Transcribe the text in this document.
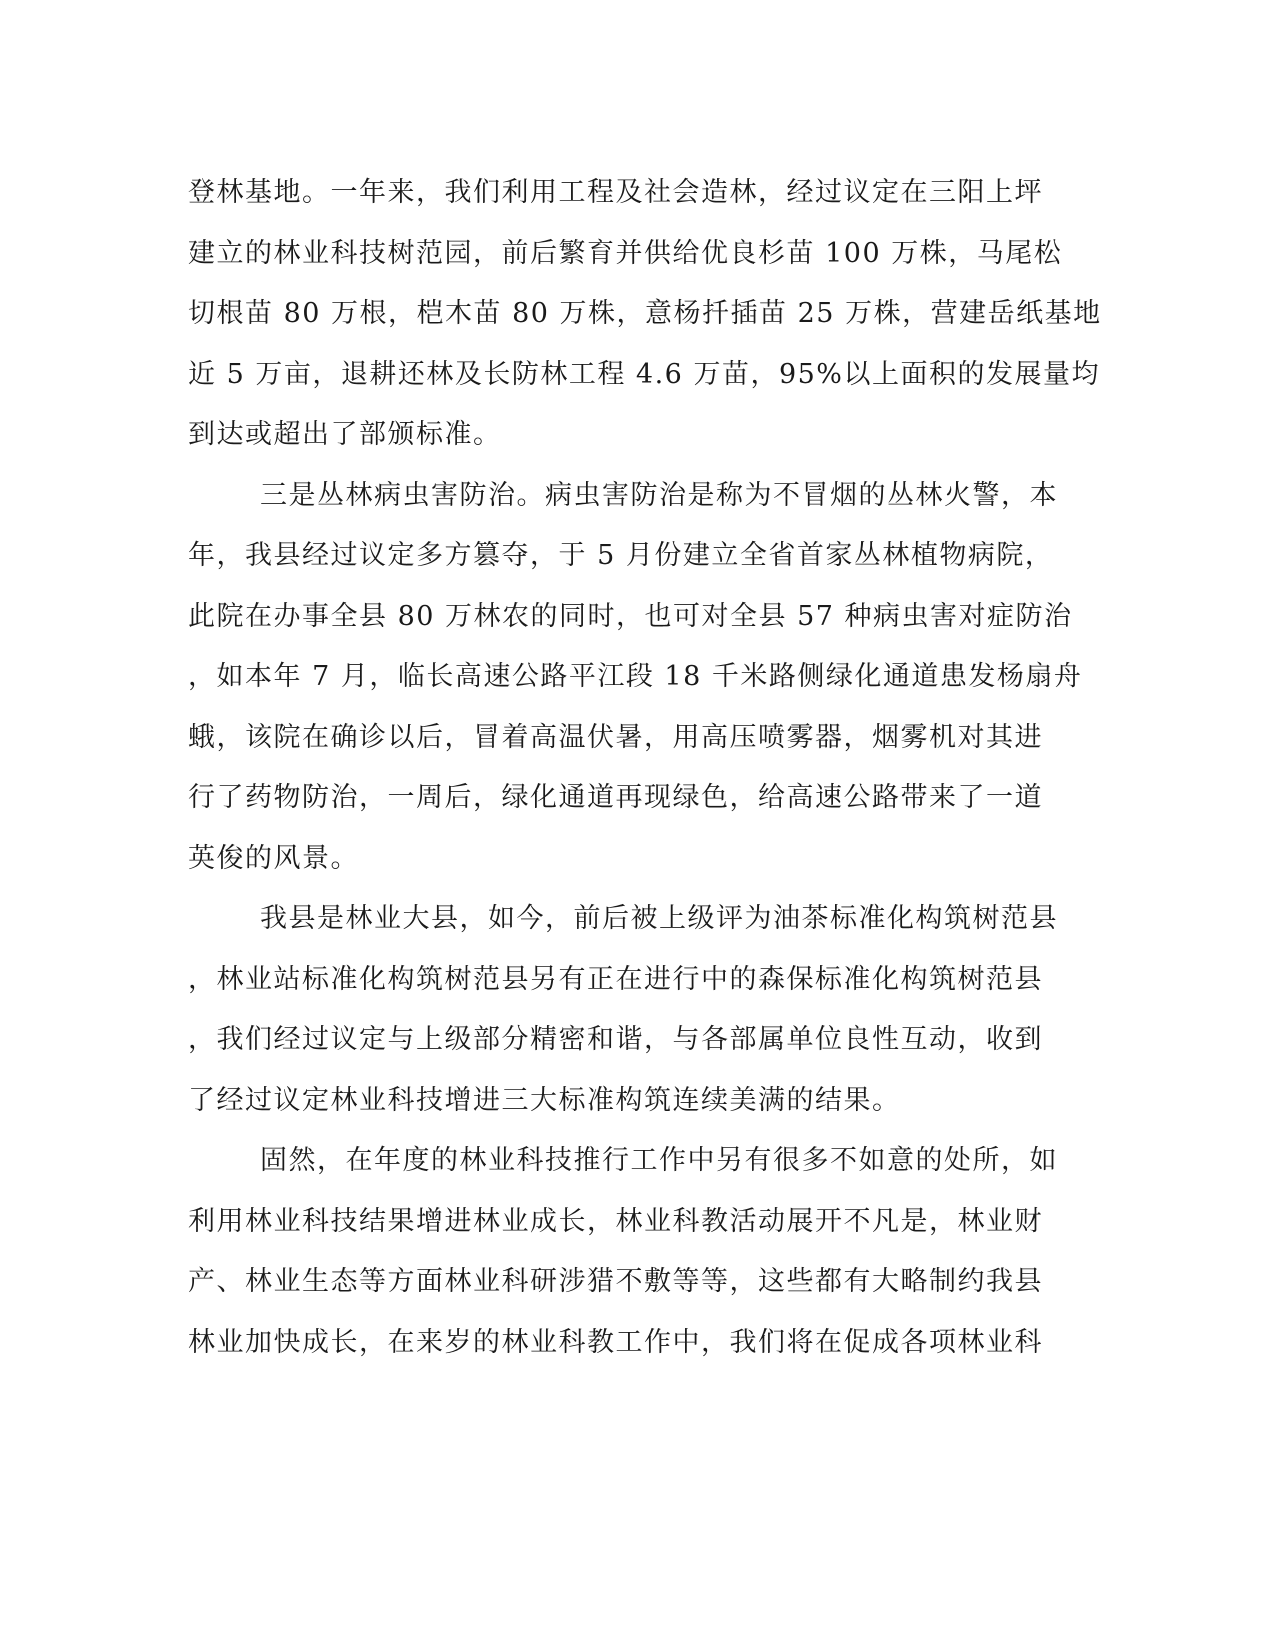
登林基地。一年来，我们利用工程及社会造林，经过议定在三阳上坪
建立的林业科技树范园，前后繁育并供给优良杉苗 100 万株，马尾松
切根苗 80 万根，桤木苗 80 万株，意杨扦插苗 25 万株，营建岳纸基地
近 5 万亩，退耕还林及长防林工程 4.6 万苗，95%以上面积的发展量均
到达或超出了部颁标准。
三是丛林病虫害防治。病虫害防治是称为不冒烟的丛林火警，本
年，我县经过议定多方篡夺，于 5 月份建立全省首家丛林植物病院，
此院在办事全县 80 万林农的同时，也可对全县 57 种病虫害对症防治
，如本年 7 月，临长高速公路平江段 18 千米路侧绿化通道患发杨扇舟
蛾，该院在确诊以后，冒着高温伏暑，用高压喷雾器，烟雾机对其进
行了药物防治，一周后，绿化通道再现绿色，给高速公路带来了一道
英俊的风景。
我县是林业大县，如今，前后被上级评为油茶标准化构筑树范县
，林业站标准化构筑树范县另有正在进行中的森保标准化构筑树范县
，我们经过议定与上级部分精密和谐，与各部属单位良性互动，收到
了经过议定林业科技增进三大标准构筑连续美满的结果。
固然，在年度的林业科技推行工作中另有很多不如意的处所，如
利用林业科技结果增进林业成长，林业科教活动展开不凡是，林业财
产、林业生态等方面林业科研涉猎不敷等等，这些都有大略制约我县
林业加快成长，在来岁的林业科教工作中，我们将在促成各项林业科
